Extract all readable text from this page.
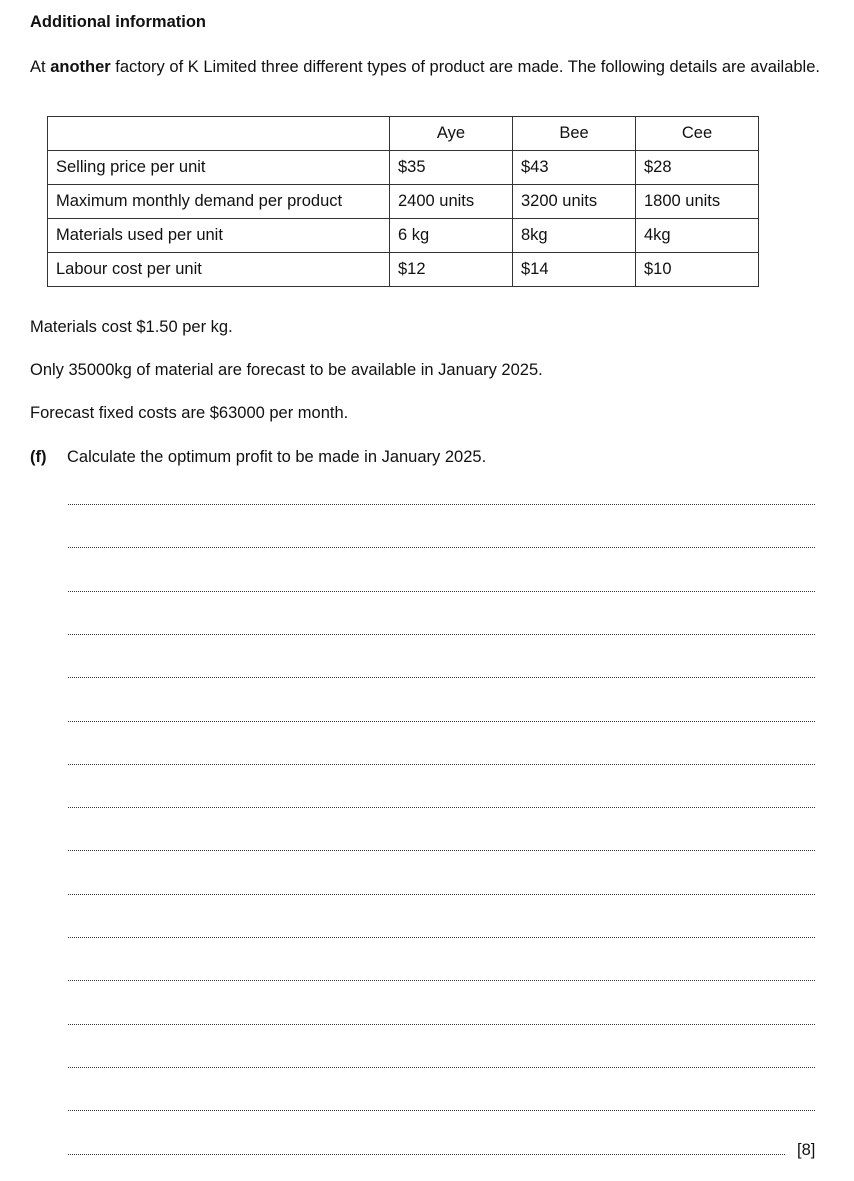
Additional information
At another factory of K Limited three different types of product are made. The following details are available.
	Aye	Bee	Cee
Selling price per unit	$35	$43	$28
Maximum monthly demand per product	2400 units	3200 units	1800 units
Materials used per unit	6 kg	8kg	4kg
Labour cost per unit	$12	$14	$10
Materials cost $1.50 per kg.
Only 35000kg of material are forecast to be available in January 2025.
Forecast fixed costs are $63000 per month.
(f) Calculate the optimum profit to be made in January 2025.
[8]
